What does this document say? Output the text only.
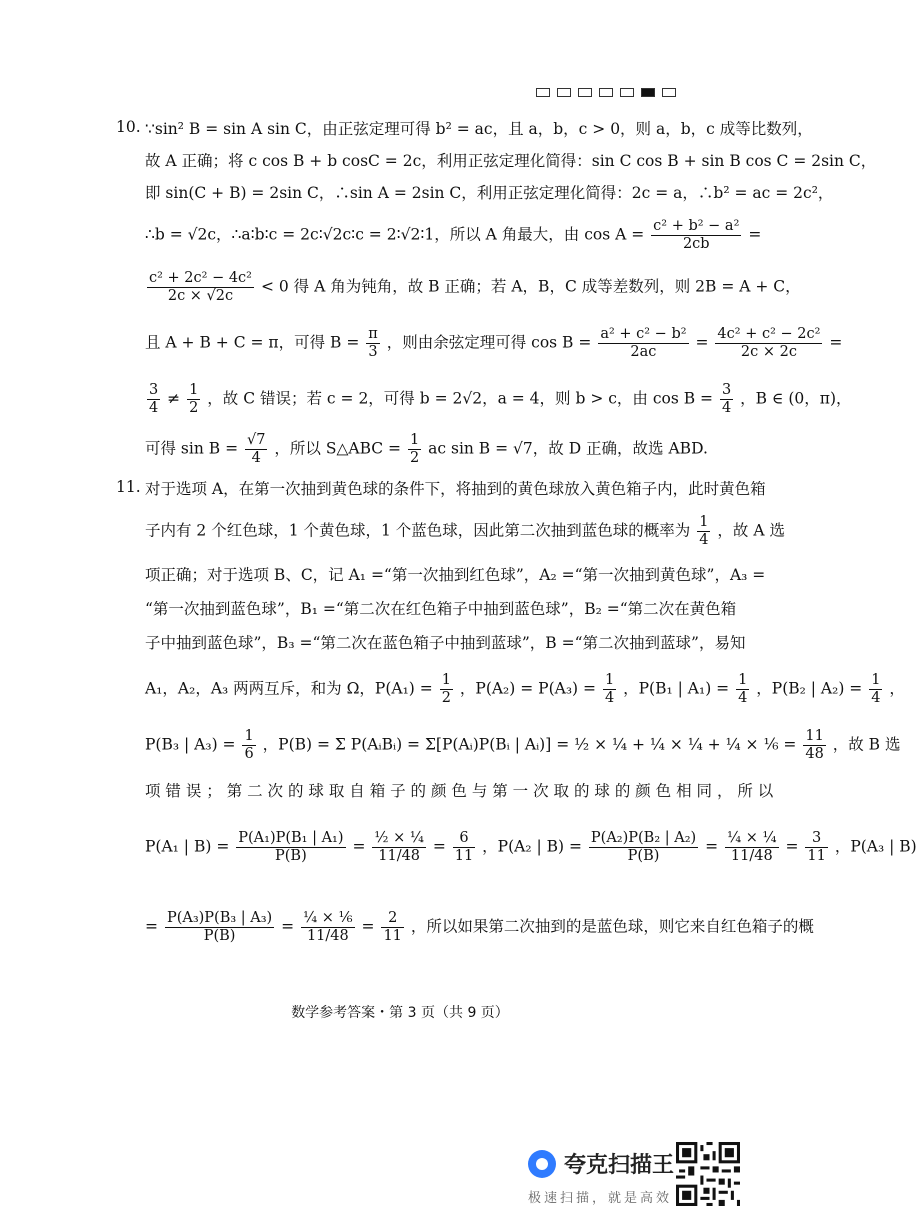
10. ∵sin² B = sin A sin C，由正弦定理可得 b² = ac，且 a，b，c > 0，则 a，b，c 成等比数列，
故 A 正确；将 c cos B + b cosC = 2c，利用正弦定理化简得：sin C cos B + sin B cos C = 2sin C，
即 sin(C + B) = 2sin C，∴sin A = 2sin C，利用正弦定理化简得：2c = a，∴b² = ac = 2c²，
∴b = √2c，∴a∶b∶c = 2c∶√2c∶c = 2∶√2∶1，所以 A 角最大，由 $\cos A = \frac{\text{c² + b² − a²}}{2cb}$ =
$\frac{\text{c² + 2c² − 4c²}}{2c \times √2c} < 0$ 得 A 角为钝角，故 B 正确；若 A，B，C 成等差数列，则 2B = A + C，
且 A + B + C = π，可得 $B = \frac{\pi}{3}$ ，则由余弦定理可得 $\cos B = \frac{\text{a² + c² − b²}}{2ac} = \frac{\text{4c² + c² − 2c²}}{2c \times 2c}$ =
$\frac{3}{4} \ne \frac{1}{2}$ ，故 C 错误；若 c = 2，可得 b = 2√2，a = 4，则 b > c，由 $\cos B = \frac{3}{4}$ ，B ∈ (0，π)，
可得 $\sin B = \frac{√7}{4}$ ，所以 S△ABC = $\frac{1}{2}$ ac sin B = √7，故 D 正确，故选 ABD.
11. 对于选项 A，在第一次抽到黄色球的条件下，将抽到的黄色球放入黄色箱子内，此时黄色箱
子内有 2 个红色球，1 个黄色球，1 个蓝色球，因此第二次抽到蓝色球的概率为 $\frac{1}{4}$ ，故 A 选
项正确；对于选项 B、C，记 A₁ =“第一次抽到红色球”，A₂ =“第一次抽到黄色球”，A₃ =
“第一次抽到蓝色球”，B₁ =“第二次在红色箱子中抽到蓝色球”，B₂ =“第二次在黄色箱
子中抽到蓝色球”，B₃ =“第二次在蓝色箱子中抽到蓝球”，B =“第二次抽到蓝球”，易知
A₁，A₂，A₃ 两两互斥，和为 Ω，$P(A_1) = \frac{1}{2}$ ，$P(A_2) = P(A_3) = \frac{1}{4}$ ，P(B₁ | $A_1) = \frac{1}{4}$ ，P(B₂ | $A_2) = \frac{1}{4}$ ，
P(B₃ | $A_3) = \frac{1}{6}$ ，P(B) = Σ P(AᵢBᵢ) = Σ[P(Aᵢ)P(Bᵢ | Aᵢ)] = ½ × ¼ + ¼ × ¼ + ¼ × ⅙ = $\frac{11}{48}$ ，故 B 选
项 错 误 ； 第 二 次 的 球 取 自 箱 子 的 颜 色 与 第 一 次 取 的 球 的 颜 色 相 同 ， 所 以
P(A₁ | $B) = \frac{\text{P(A₁)P(B₁ | A₁)}}{P(B)} = \frac{\text{½ × ¼}}{11/48} = \frac{6}{11}$ ，P(A₂ | $B) = \frac{\text{P(A₂)P(B₂ | A₂)}}{P(B)} = \frac{\text{¼ × ¼}}{11/48} = \frac{3}{11}$ ，P(A₃ | B)
= $\frac{\text{P(A₃)P(B₃ | A₃)}}{P(B)} = \frac{\text{¼ × ⅙}}{11/48} = \frac{2}{11}$ ，所以如果第二次抽到的是蓝色球，则它来自红色箱子的概
数学参考答案・第 3 页（共 9 页）
夸克扫描王
极速扫描，就是高效
